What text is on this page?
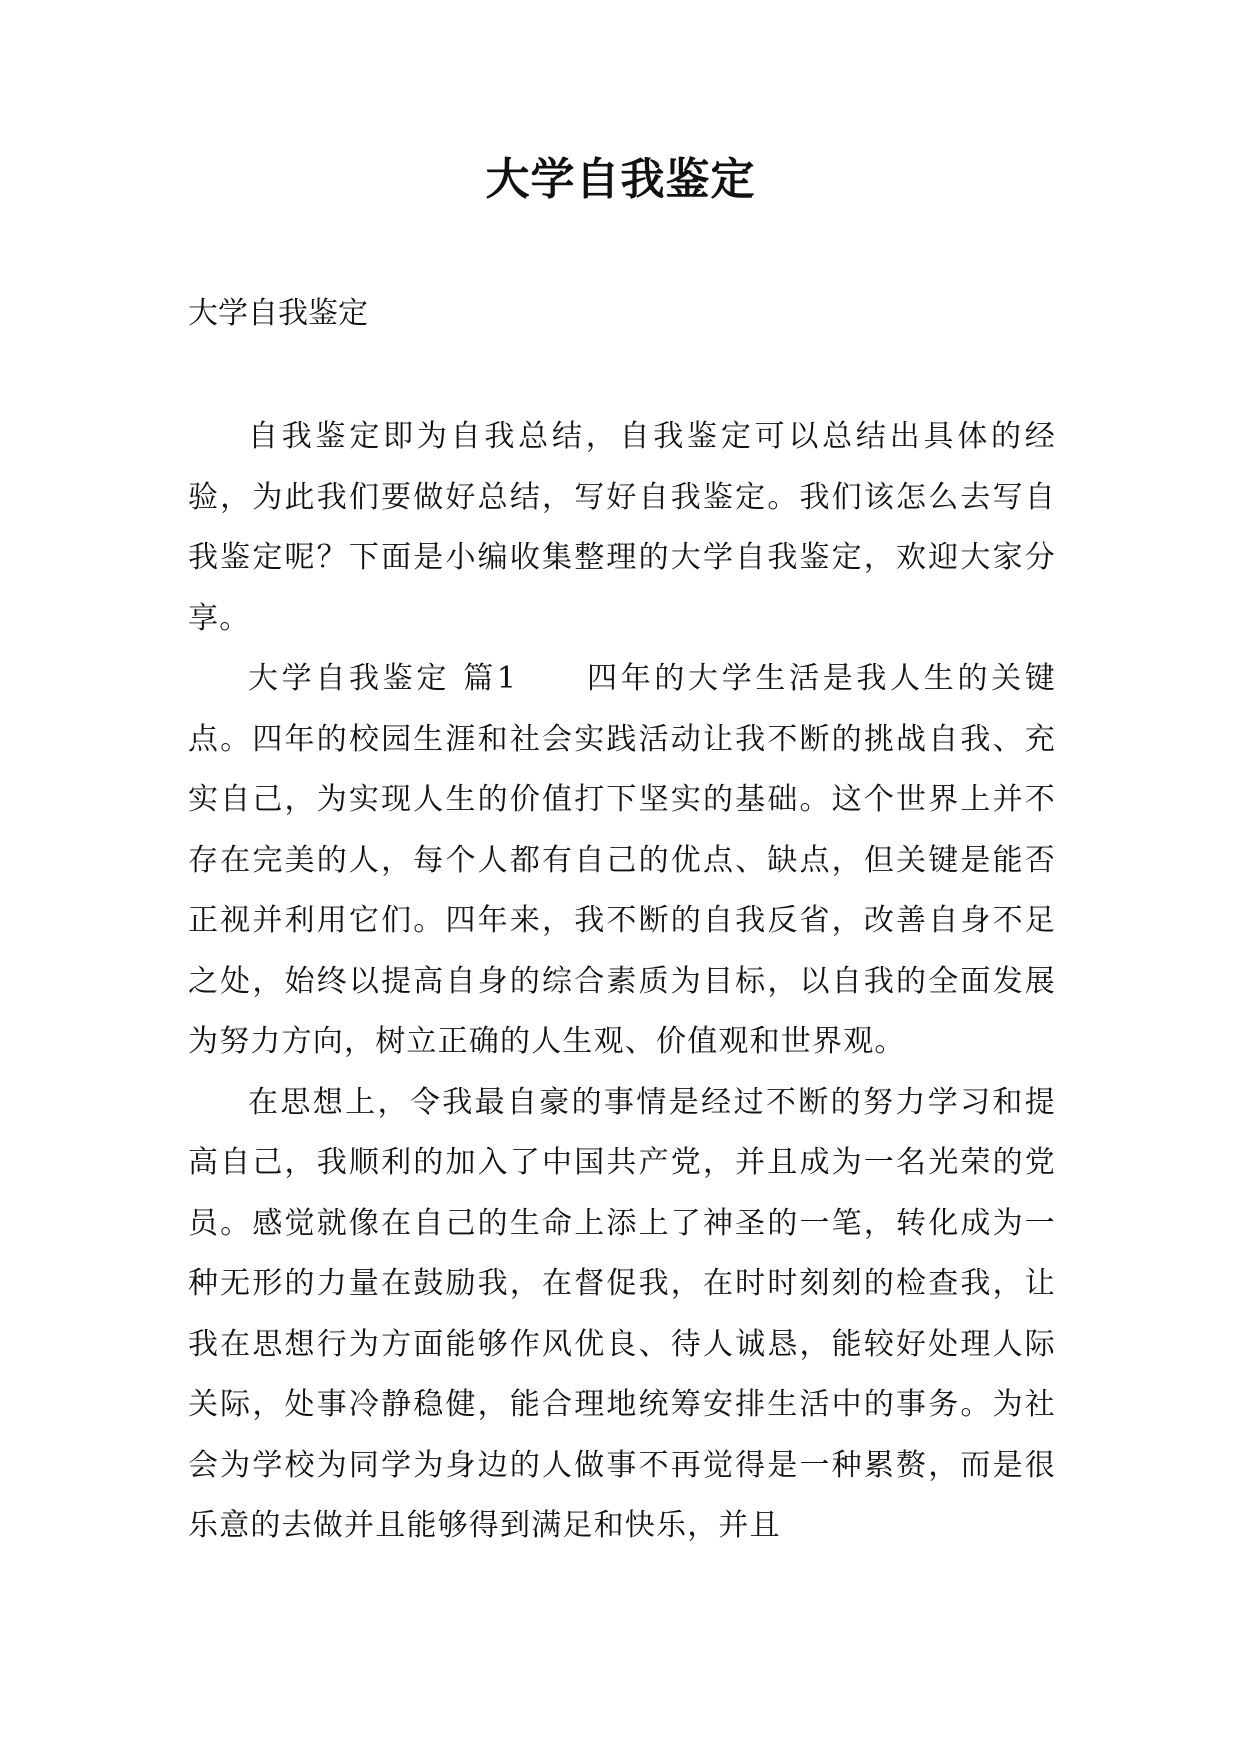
大学自我鉴定

大学自我鉴定

自我鉴定即为自我总结，自我鉴定可以总结出具体的经验，为此我们要做好总结，写好自我鉴定。我们该怎么去写自我鉴定呢？下面是小编收集整理的大学自我鉴定，欢迎大家分享。

大学自我鉴定 篇1　　四年的大学生活是我人生的关键点。四年的校园生涯和社会实践活动让我不断的挑战自我、充实自己，为实现人生的价值打下坚实的基础。这个世界上并不存在完美的人，每个人都有自己的优点、缺点，但关键是能否正视并利用它们。四年来，我不断的自我反省，改善自身不足之处，始终以提高自身的综合素质为目标，以自我的全面发展为努力方向，树立正确的人生观、价值观和世界观。

在思想上，令我最自豪的事情是经过不断的努力学习和提高自己，我顺利的加入了中国共产党，并且成为一名光荣的党员。感觉就像在自己的生命上添上了神圣的一笔，转化成为一种无形的力量在鼓励我，在督促我，在时时刻刻的检查我，让我在思想行为方面能够作风优良、待人诚恳，能较好处理人际关际，处事冷静稳健，能合理地统筹安排生活中的事务。为社会为学校为同学为身边的人做事不再觉得是一种累赘，而是很乐意的去做并且能够得到满足和快乐，并且
